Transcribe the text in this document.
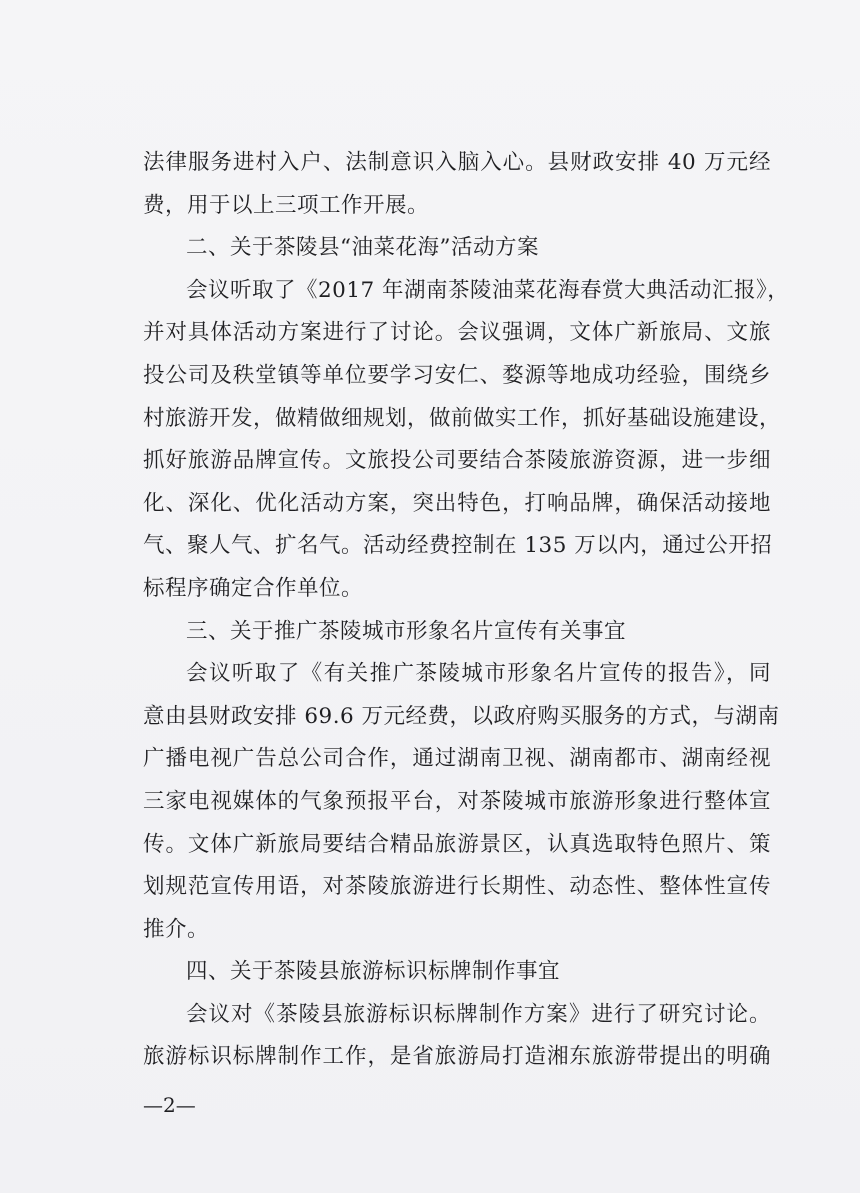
法律服务进村入户、法制意识入脑入心。县财政安排 40 万元经
费，用于以上三项工作开展。
二、关于茶陵县“油菜花海”活动方案
会议听取了《2017 年湖南茶陵油菜花海春赏大典活动汇报》，
并对具体活动方案进行了讨论。会议强调，文体广新旅局、文旅
投公司及秩堂镇等单位要学习安仁、婺源等地成功经验，围绕乡
村旅游开发，做精做细规划，做前做实工作，抓好基础设施建设，
抓好旅游品牌宣传。文旅投公司要结合茶陵旅游资源，进一步细
化、深化、优化活动方案，突出特色，打响品牌，确保活动接地
气、聚人气、扩名气。活动经费控制在 135 万以内，通过公开招
标程序确定合作单位。
三、关于推广茶陵城市形象名片宣传有关事宜
会议听取了《有关推广茶陵城市形象名片宣传的报告》，同
意由县财政安排 69.6 万元经费，以政府购买服务的方式，与湖南
广播电视广告总公司合作，通过湖南卫视、湖南都市、湖南经视
三家电视媒体的气象预报平台，对茶陵城市旅游形象进行整体宣
传。文体广新旅局要结合精品旅游景区，认真选取特色照片、策
划规范宣传用语，对茶陵旅游进行长期性、动态性、整体性宣传
推介。
四、关于茶陵县旅游标识标牌制作事宜
会议对《茶陵县旅游标识标牌制作方案》进行了研究讨论。
旅游标识标牌制作工作，是省旅游局打造湘东旅游带提出的明确
—2—
